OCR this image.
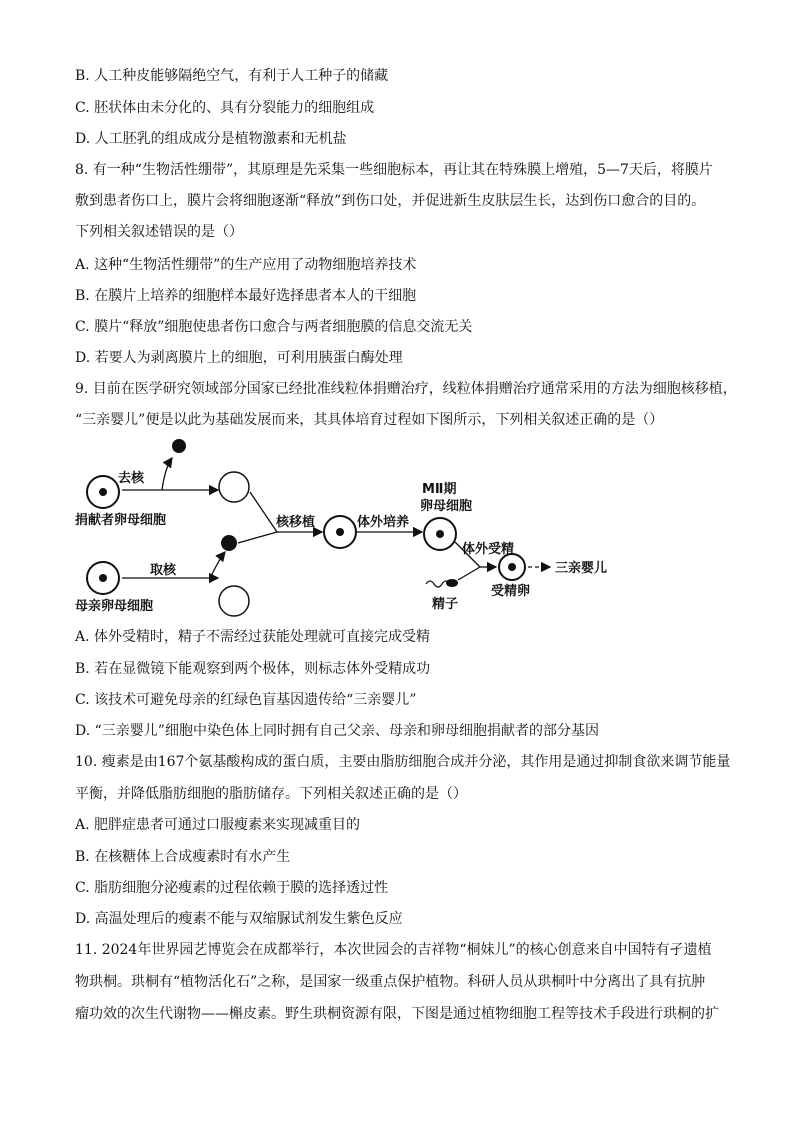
B. 人工种皮能够隔绝空气，有利于人工种子的储藏
C. 胚状体由未分化的、具有分裂能力的细胞组成
D. 人工胚乳的组成成分是植物激素和无机盐
8. 有一种“生物活性绷带”，其原理是先采集一些细胞标本，再让其在特殊膜上增殖，5—7天后，将膜片
敷到患者伤口上，膜片会将细胞逐渐“释放”到伤口处，并促进新生皮肤层生长，达到伤口愈合的目的。
下列相关叙述错误的是（）
A. 这种“生物活性绷带”的生产应用了动物细胞培养技术
B. 在膜片上培养的细胞样本最好选择患者本人的干细胞
C. 膜片“释放”细胞使患者伤口愈合与两者细胞膜的信息交流无关
D. 若要人为剥离膜片上的细胞，可利用胰蛋白酶处理
9. 目前在医学研究领域部分国家已经批准线粒体捐赠治疗，线粒体捐赠治疗通常采用的方法为细胞核移植，
“三亲婴儿”便是以此为基础发展而来，其具体培育过程如下图所示，下列相关叙述正确的是（）
捐献者卵母细胞
去核
母亲卵母细胞
取核
核移植	体外培养
MⅡ期
卵母细胞
体外受精
精子
受精卵
三亲婴儿
A. 体外受精时，精子不需经过获能处理就可直接完成受精
B. 若在显微镜下能观察到两个极体，则标志体外受精成功
C. 该技术可避免母亲的红绿色盲基因遗传给“三亲婴儿”
D. “三亲婴儿”细胞中染色体上同时拥有自己父亲、母亲和卵母细胞捐献者的部分基因
10. 瘦素是由167个氨基酸构成的蛋白质，主要由脂肪细胞合成并分泌，其作用是通过抑制食欲来调节能量
平衡，并降低脂肪细胞的脂肪储存。下列相关叙述正确的是（）
A. 肥胖症患者可通过口服瘦素来实现减重目的
B. 在核糖体上合成瘦素时有水产生
C. 脂肪细胞分泌瘦素的过程依赖于膜的选择透过性
D. 高温处理后的瘦素不能与双缩脲试剂发生紫色反应
11. 2024年世界园艺博览会在成都举行，本次世园会的吉祥物“桐妹儿”的核心创意来自中国特有孑遗植
物珙桐。珙桐有“植物活化石”之称，是国家一级重点保护植物。科研人员从珙桐叶中分离出了具有抗肿
瘤功效的次生代谢物——槲皮素。野生珙桐资源有限，下图是通过植物细胞工程等技术手段进行珙桐的扩
